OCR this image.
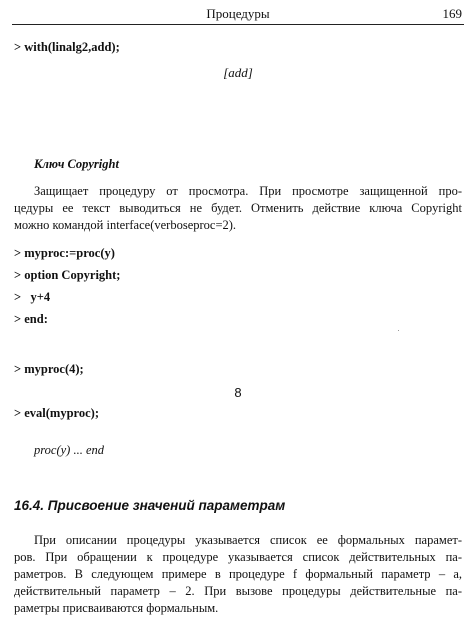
Процедуры	169
> with(linalg2,add);
[add]
Ключ Copyright
Защищает процедуру от просмотра. При просмотре защищенной про-
цедуры ее текст выводиться не будет. Отменить действие ключа Copyright
можно командой interface(verboseproc=2).
> myproc:=proc(y)
> option Copyright;
>   y+4
> end:
> myproc(4);
8
> eval(myproc);
proc(y) ... end
16.4. Присвоение значений параметрам
При описании процедуры указывается список ее формальных парамет-
ров. При обращении к процедуре указывается список действительных па-
раметров. В следующем примере в процедуре f формальный параметр – a,
действительный параметр – 2. При вызове процедуры действительные па-
раметры присваиваются формальным.
